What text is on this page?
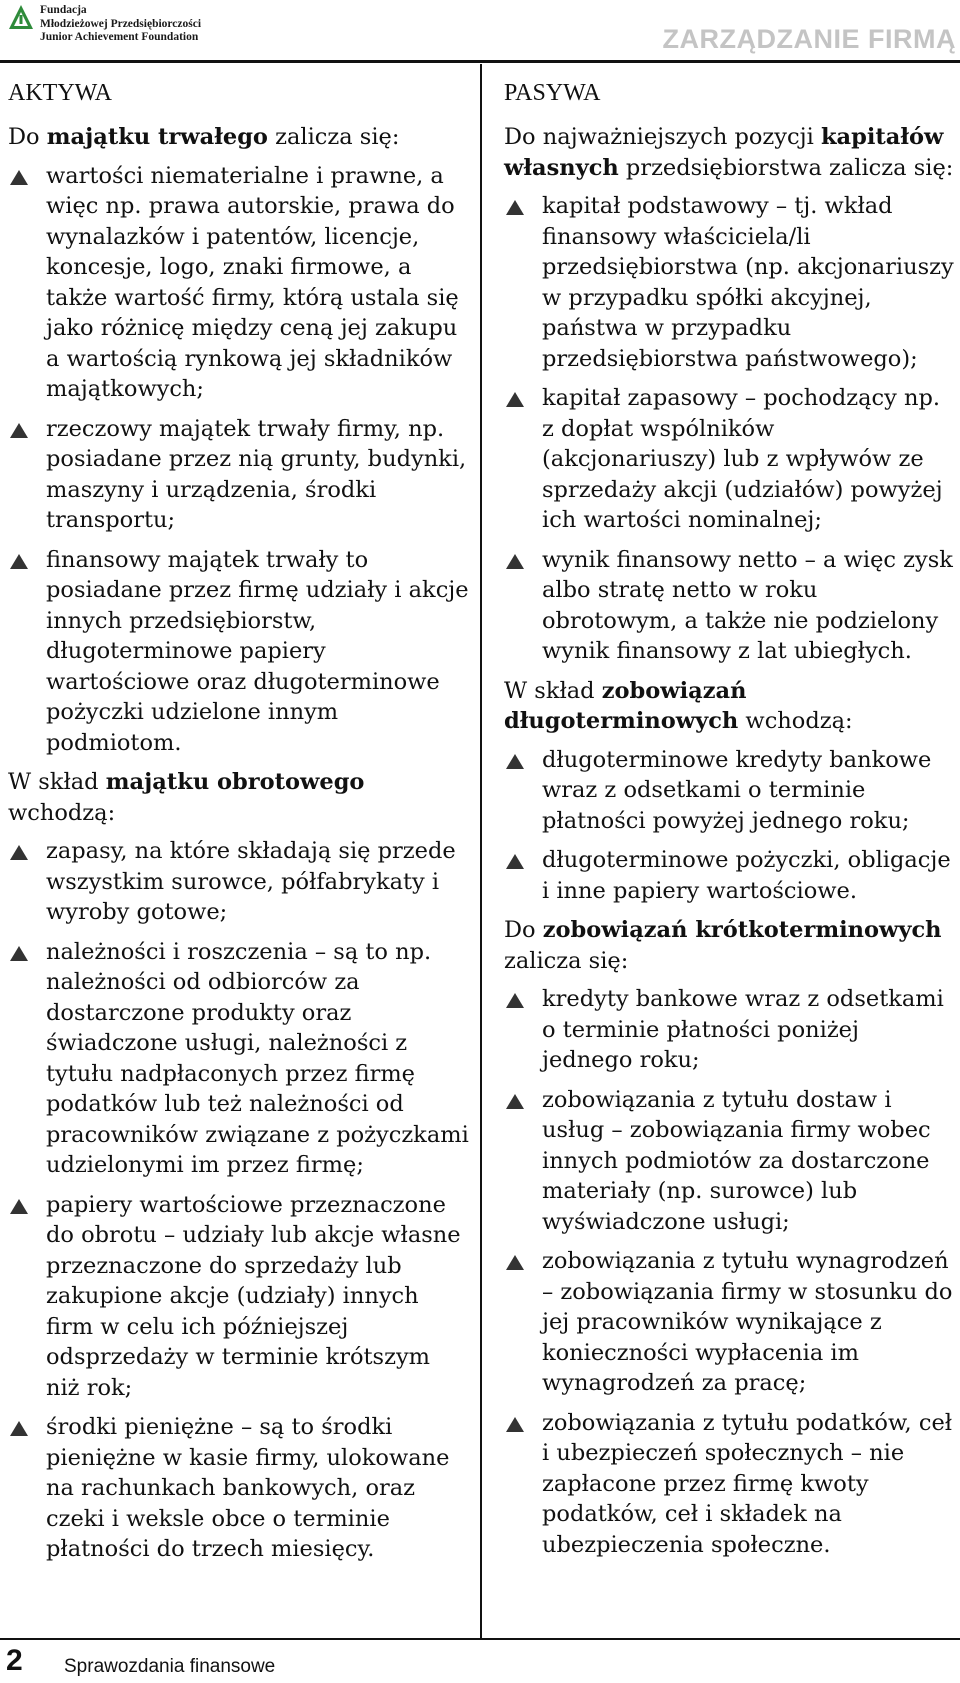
Fundacja
Młodzieżowej Przedsiębiorczości
Junior Achievement Foundation	ZARZĄDZANIE FIRMĄ
AKTYWA

Do majątku trwałego zalicza się:

wartości niematerialne i prawne, a więc np. prawa autorskie, prawa do wynalazków i patentów, licencje, koncesje, logo, znaki firmowe, a także wartość firmy, którą ustala się jako różnicę między ceną jej zakupu a wartością rynkową jej składników majątkowych;
rzeczowy majątek trwały firmy, np. posiadane przez nią grunty, budynki, maszyny i urządzenia, środki transportu;
finansowy majątek trwały to posiadane przez firmę udziały i akcje innych przedsiębiorstw, długoterminowe papiery wartościowe oraz długoterminowe pożyczki udzielone innym podmiotom.

W skład majątku obrotowego wchodzą:

zapasy, na które składają się przede wszystkim surowce, półfabrykaty i wyroby gotowe;
należności i roszczenia – są to np. należności od odbiorców za dostarczone produkty oraz świadczone usługi, należności z tytułu nadpłaconych przez firmę podatków lub też należności od pracowników związane z pożyczkami udzielonymi im przez firmę;
papiery wartościowe przeznaczone do obrotu – udziały lub akcje własne przeznaczone do sprzedaży lub zakupione akcje (udziały) innych firm w celu ich późniejszej odsprzedaży w terminie krótszym niż rok;
środki pieniężne – są to środki pieniężne w kasie firmy, ulokowane na rachunkach bankowych, oraz czeki i weksle obce o terminie płatności do trzech miesięcy.
PASYWA

Do najważniejszych pozycji kapitałów własnych przedsiębiorstwa zalicza się:

kapitał podstawowy – tj. wkład finansowy właściciela/li przedsiębiorstwa (np. akcjonariuszy w przypadku spółki akcyjnej, państwa w przypadku przedsiębiorstwa państwowego);
kapitał zapasowy – pochodzący np. z dopłat wspólników (akcjonariuszy) lub z wpływów ze sprzedaży akcji (udziałów) powyżej ich wartości nominalnej;
wynik finansowy netto – a więc zysk albo stratę netto w roku obrotowym, a także nie podzielony wynik finansowy z lat ubiegłych.

W skład zobowiązań długoterminowych wchodzą:

długoterminowe kredyty bankowe wraz z odsetkami o terminie płatności powyżej jednego roku;
długoterminowe pożyczki, obligacje i inne papiery wartościowe.

Do zobowiązań krótkoterminowych zalicza się:

kredyty bankowe wraz z odsetkami o terminie płatności poniżej jednego roku;
zobowiązania z tytułu dostaw i usług – zobowiązania firmy wobec innych podmiotów za dostarczone materiały (np. surowce) lub wyświadczone usługi;
zobowiązania z tytułu wynagrodzeń – zobowiązania firmy w stosunku do jej pracowników wynikające z konieczności wypłacenia im wynagrodzeń za pracę;
zobowiązania z tytułu podatków, ceł i ubezpieczeń społecznych – nie zapłacone przez firmę kwoty podatków, ceł i składek na ubezpieczenia społeczne.
2 Sprawozdania finansowe
